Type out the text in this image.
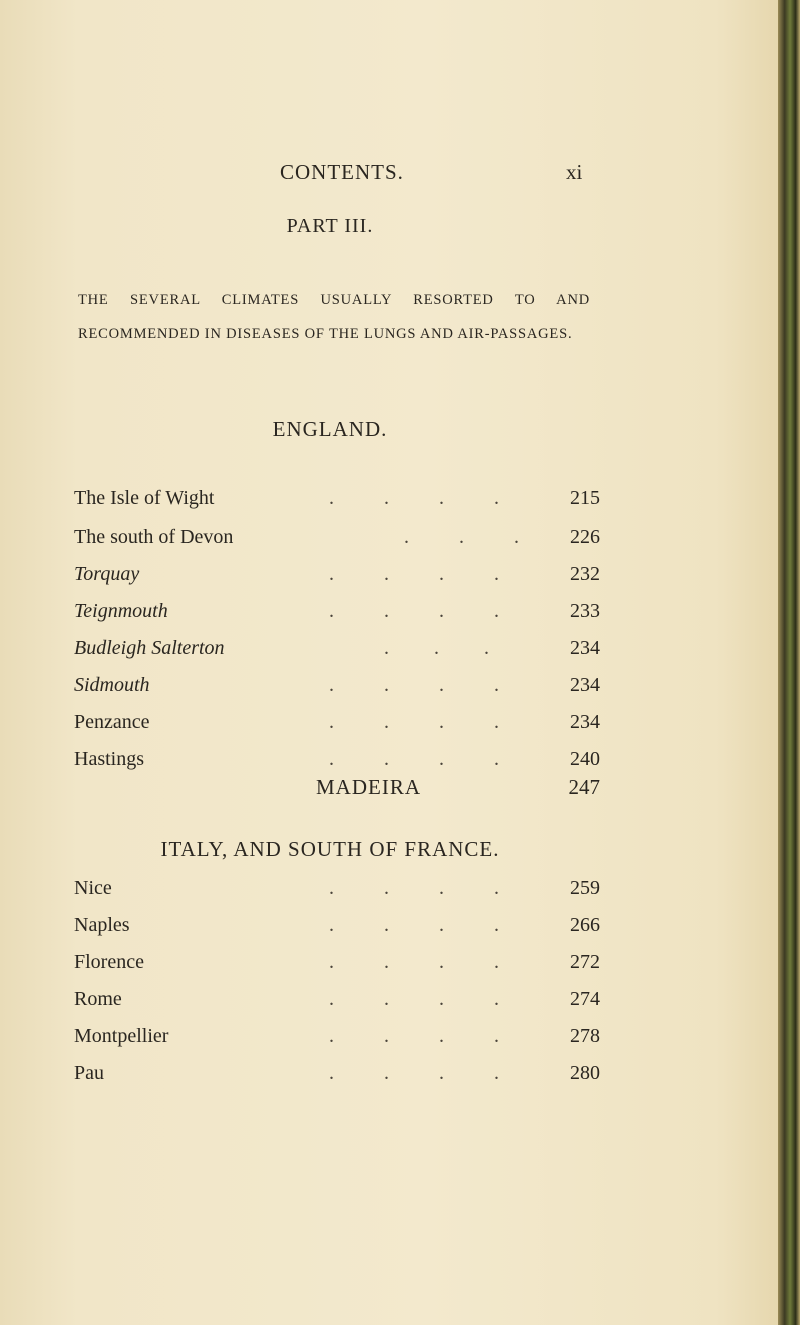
CONTENTS.	xi
PART III.
THE SEVERAL CLIMATES USUALLY RESORTED TO AND RECOMMENDED IN DISEASES OF THE LUNGS AND AIR-PASSAGES.
ENGLAND.
The Isle of Wight	.          .          .          .	215
The south of Devon	.          .          .	226
Torquay	.          .          .          .	232
Teignmouth	.          .          .          .	233
Budleigh Salterton	.         .         .	234
Sidmouth	.          .          .          .	234
Penzance	.          .          .          .	234
Hastings	.          .          .          .	240
MADEIRA	247
ITALY, AND SOUTH OF FRANCE.
Nice	.          .          .          .	259
Naples	.          .          .          .	266
Florence	.          .          .          .	272
Rome	.          .          .          .	274
Montpellier	.          .          .          .	278
Pau	.          .          .          .	280
